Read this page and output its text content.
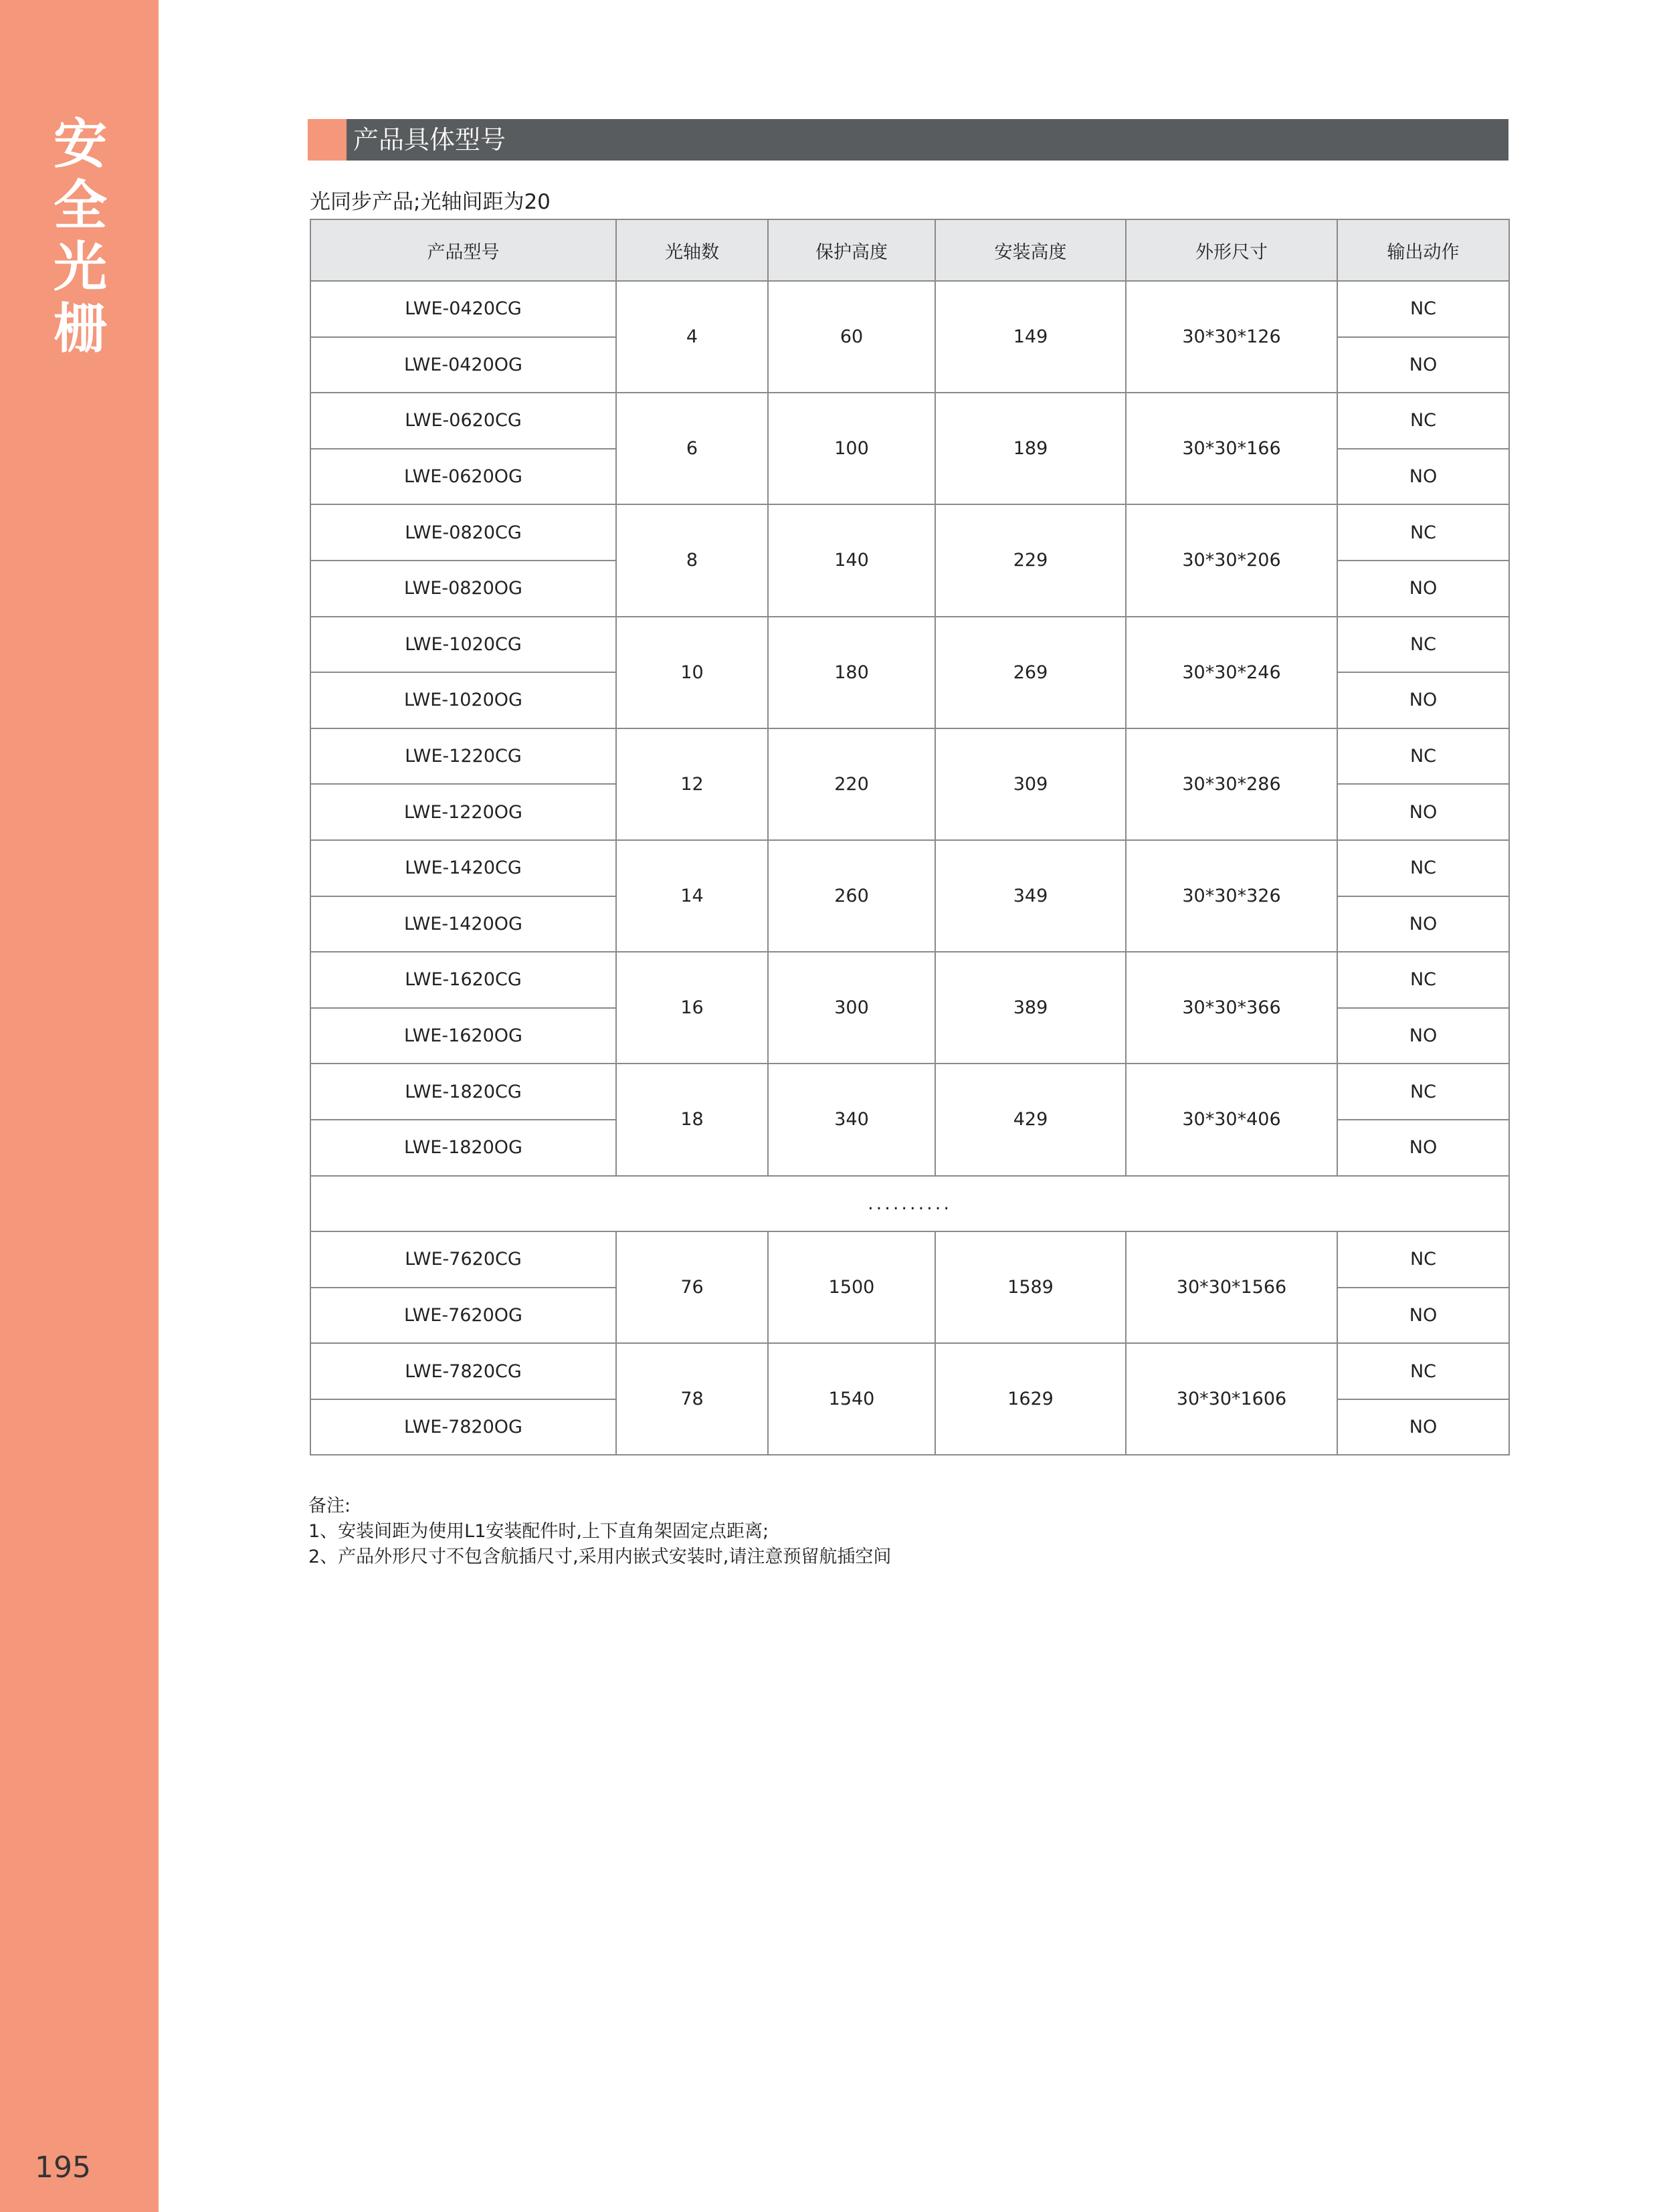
安全光栅
195
产品具体型号
光同步产品;光轴间距为20
产品型号	光轴数	保护高度	安装高度	外形尺寸	输出动作
LWE-0420CG	4	60	149	30*30*126	NC
LWE-0420OG					NO
LWE-0620CG	6	100	189	30*30*166	NC
LWE-0620OG					NO
LWE-0820CG	8	140	229	30*30*206	NC
LWE-0820OG					NO
LWE-1020CG	10	180	269	30*30*246	NC
LWE-1020OG					NO
LWE-1220CG	12	220	309	30*30*286	NC
LWE-1220OG					NO
LWE-1420CG	14	260	349	30*30*326	NC
LWE-1420OG					NO
LWE-1620CG	16	300	389	30*30*366	NC
LWE-1620OG					NO
LWE-1820CG	18	340	429	30*30*406	NC
LWE-1820OG					NO
..........					
LWE-7620CG	76	1500	1589	30*30*1566	NC
LWE-7620OG					NO
LWE-7820CG	78	1540	1629	30*30*1606	NC
LWE-7820OG					NO
备注:
1、安装间距为使用L1安装配件时,上下直角架固定点距离;
2、产品外形尺寸不包含航插尺寸,采用内嵌式安装时,请注意预留航插空间
